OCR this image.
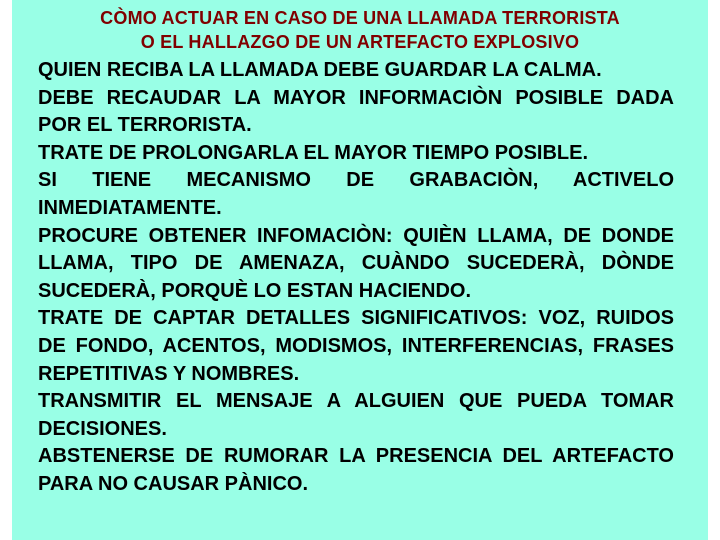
CÒMO ACTUAR EN CASO DE UNA LLAMADA TERRORISTA
O EL HALLAZGO DE UN ARTEFACTO EXPLOSIVO

QUIEN RECIBA LA LLAMADA DEBE GUARDAR LA CALMA.

DEBE RECAUDAR LA MAYOR INFORMACIÒN POSIBLE DADA POR EL TERRORISTA.

TRATE DE PROLONGARLA EL MAYOR TIEMPO POSIBLE.

SI TIENE MECANISMO DE GRABACIÒN, ACTIVELO INMEDIATAMENTE.

PROCURE OBTENER INFOMACIÒN: QUIÈN LLAMA, DE DONDE LLAMA, TIPO DE AMENAZA, CUÀNDO SUCEDERÀ, DÒNDE SUCEDERÀ, PORQUÈ LO ESTAN HACIENDO.

TRATE DE CAPTAR DETALLES SIGNIFICATIVOS: VOZ, RUIDOS DE FONDO, ACENTOS, MODISMOS, INTERFERENCIAS, FRASES REPETITIVAS Y NOMBRES.

TRANSMITIR EL MENSAJE A ALGUIEN QUE PUEDA TOMAR DECISIONES.

ABSTENERSE DE RUMORAR LA PRESENCIA DEL ARTEFACTO PARA NO CAUSAR PÀNICO.
